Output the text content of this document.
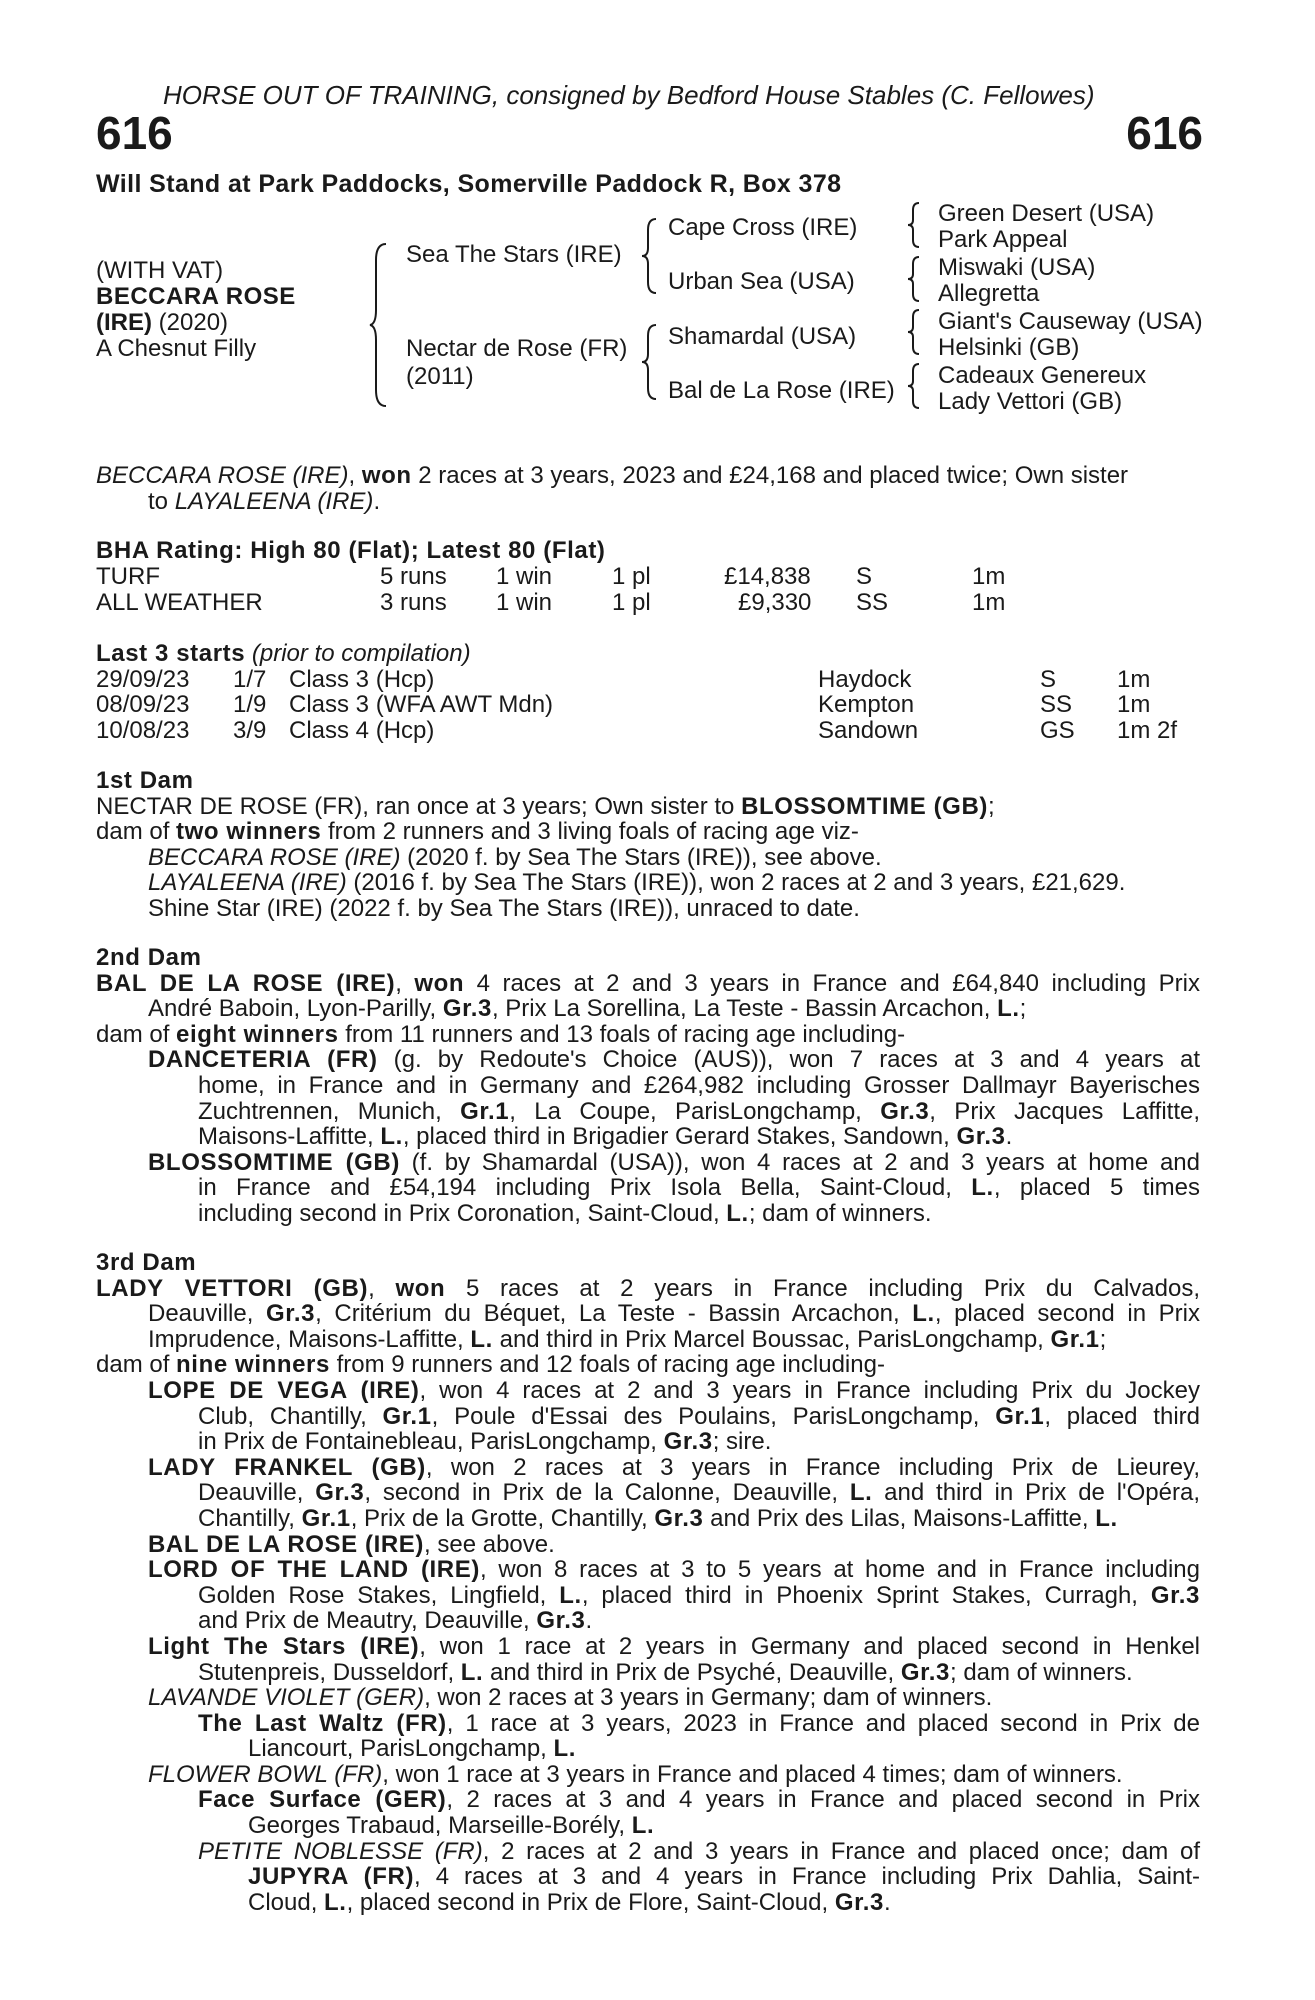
HORSE OUT OF TRAINING, consigned by Bedford House Stables (C. Fellowes)
616	616
Will Stand at Park Paddocks, Somerville Paddock R, Box 378
(WITH VAT)
BECCARA ROSE
(IRE) (2020)
A Chesnut Filly
Sea The Stars (IRE)
Nectar de Rose (FR)
(2011)
Cape Cross (IRE)
Urban Sea (USA)
Shamardal (USA)
Bal de La Rose (IRE)
Green Desert (USA)
Park Appeal
Miswaki (USA)
Allegretta
Giant's Causeway (USA)
Helsinki (GB)
Cadeaux Genereux
Lady Vettori (GB)
BECCARA ROSE (IRE), won 2 races at 3 years, 2023 and £24,168 and placed twice; Own sister
to LAYALEENA (IRE).
BHA Rating: High 80 (Flat); Latest 80 (Flat)
TURF	5 runs 1 win 1 pl	£14,838 S	1m
ALL WEATHER	3 runs 1 win 1 pl	£9,330 SS	1m
Last 3 starts (prior to compilation)
29/09/23 1/7 Class 3 (Hcp)	Haydock	S	1m
08/09/23 1/9 Class 3 (WFA AWT Mdn)	Kempton	SS 1m
10/08/23 3/9 Class 4 (Hcp)	Sandown	GS 1m 2f
1st Dam
NECTAR DE ROSE (FR), ran once at 3 years; Own sister to BLOSSOMTIME (GB);
dam of two winners from 2 runners and 3 living foals of racing age viz-
BECCARA ROSE (IRE) (2020 f. by Sea The Stars (IRE)), see above.
LAYALEENA (IRE) (2016 f. by Sea The Stars (IRE)), won 2 races at 2 and 3 years, £21,629.
Shine Star (IRE) (2022 f. by Sea The Stars (IRE)), unraced to date.
2nd Dam
BAL DE LA ROSE (IRE), won 4 races at 2 and 3 years in France and £64,840 including Prix
André Baboin, Lyon-Parilly, Gr.3, Prix La Sorellina, La Teste - Bassin Arcachon, L.;
dam of eight winners from 11 runners and 13 foals of racing age including-
DANCETERIA (FR) (g. by Redoute's Choice (AUS)), won 7 races at 3 and 4 years at
home, in France and in Germany and £264,982 including Grosser Dallmayr Bayerisches
Zuchtrennen, Munich, Gr.1, La Coupe, ParisLongchamp, Gr.3, Prix Jacques Laffitte,
Maisons-Laffitte, L., placed third in Brigadier Gerard Stakes, Sandown, Gr.3.
BLOSSOMTIME (GB) (f. by Shamardal (USA)), won 4 races at 2 and 3 years at home and
in France and £54,194 including Prix Isola Bella, Saint-Cloud, L., placed 5 times
including second in Prix Coronation, Saint-Cloud, L.; dam of winners.
3rd Dam
LADY VETTORI (GB), won 5 races at 2 years in France including Prix du Calvados,
Deauville, Gr.3, Critérium du Béquet, La Teste - Bassin Arcachon, L., placed second in Prix
Imprudence, Maisons-Laffitte, L. and third in Prix Marcel Boussac, ParisLongchamp, Gr.1;
dam of nine winners from 9 runners and 12 foals of racing age including-
LOPE DE VEGA (IRE), won 4 races at 2 and 3 years in France including Prix du Jockey
Club, Chantilly, Gr.1, Poule d'Essai des Poulains, ParisLongchamp, Gr.1, placed third
in Prix de Fontainebleau, ParisLongchamp, Gr.3; sire.
LADY FRANKEL (GB), won 2 races at 3 years in France including Prix de Lieurey,
Deauville, Gr.3, second in Prix de la Calonne, Deauville, L. and third in Prix de l'Opéra,
Chantilly, Gr.1, Prix de la Grotte, Chantilly, Gr.3 and Prix des Lilas, Maisons-Laffitte, L.
BAL DE LA ROSE (IRE), see above.
LORD OF THE LAND (IRE), won 8 races at 3 to 5 years at home and in France including
Golden Rose Stakes, Lingfield, L., placed third in Phoenix Sprint Stakes, Curragh, Gr.3
and Prix de Meautry, Deauville, Gr.3.
Light The Stars (IRE), won 1 race at 2 years in Germany and placed second in Henkel
Stutenpreis, Dusseldorf, L. and third in Prix de Psyché, Deauville, Gr.3; dam of winners.
LAVANDE VIOLET (GER), won 2 races at 3 years in Germany; dam of winners.
The Last Waltz (FR), 1 race at 3 years, 2023 in France and placed second in Prix de
Liancourt, ParisLongchamp, L.
FLOWER BOWL (FR), won 1 race at 3 years in France and placed 4 times; dam of winners.
Face Surface (GER), 2 races at 3 and 4 years in France and placed second in Prix
Georges Trabaud, Marseille-Borély, L.
PETITE NOBLESSE (FR), 2 races at 2 and 3 years in France and placed once; dam of
JUPYRA (FR), 4 races at 3 and 4 years in France including Prix Dahlia, Saint-
Cloud, L., placed second in Prix de Flore, Saint-Cloud, Gr.3.
